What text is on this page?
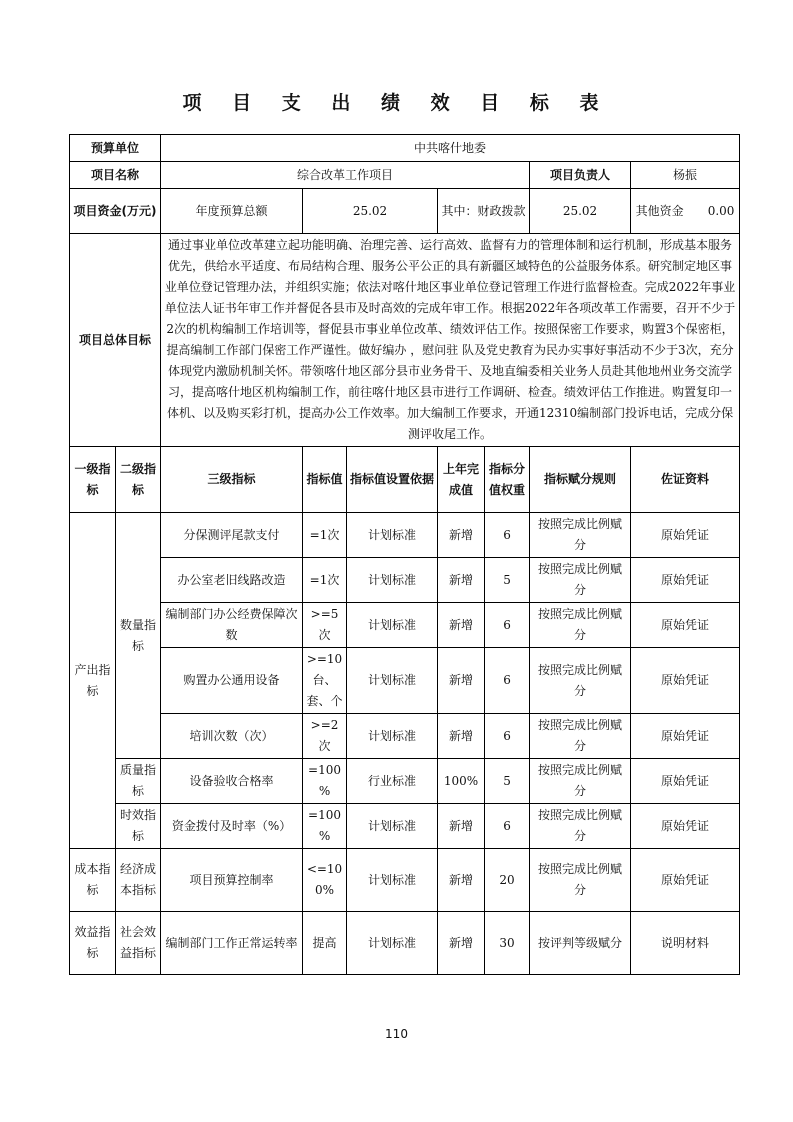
项 目 支 出 绩 效 目 标 表
预算单位		中共喀什地委						
项目名称		综合改革工作项目					项目负责人	杨振
项目资金(万元)		年度预算总额	25.02		其中：财政拨款		25.02	其他资金　　 0.00
项目总体目标		通过事业单位改革建立起功能明确、治理完善、运行高效、监督有力的管理体制和运行机制，形成基本服务优先，供给水平适度、布局结构合理、服务公平公正的具有新疆区域特色的公益服务体系。研究制定地区事业单位登记管理办法，并组织实施；依法对喀什地区事业单位登记管理工作进行监督检查。完成2022年事业单位法人证书年审工作并督促各县市及时高效的完成年审工作。根据2022年各项改革工作需要，召开不少于2次的机构编制工作培训等，督促县市事业单位改革、绩效评估工作。按照保密工作要求，购置3个保密柜，提高编制工作部门保密工作严谨性。做好编办 ，慰问驻 队及党史教育为民办实事好事活动不少于3次，充分体现党内激励机制关怀。带领喀什地区部分县市业务骨干、及地直编委相关业务人员赴其他地州业务交流学习，提高喀什地区机构编制工作，前往喀什地区县市进行工作调研、检查。绩效评估工作推进。购置复印一体机、以及购买彩打机，提高办公工作效率。加大编制工作要求，开通12310编制部门投诉电话，完成分保测评收尾工作。						
一级指标	二级指标	三级指标	指标值	指标值设置依据	上年完成值	指标分值权重	指标赋分规则	佐证资料
产出指标	数量指标	分保测评尾款支付	=1次	计划标准	新增	6	按照完成比例赋分	原始凭证
		办公室老旧线路改造	=1次	计划标准	新增	5	按照完成比例赋分	原始凭证
		编制部门办公经费保障次数	>=5次	计划标准	新增	6	按照完成比例赋分	原始凭证
		购置办公通用设备	>=10台、套、个	计划标准	新增	6	按照完成比例赋分	原始凭证
		培训次数（次）	>=2次	计划标准	新增	6	按照完成比例赋分	原始凭证
	质量指标	设备验收合格率	=100%	行业标准	100%	5	按照完成比例赋分	原始凭证
	时效指标	资金拨付及时率（%）	=100%	计划标准	新增	6	按照完成比例赋分	原始凭证
成本指标	经济成本指标	项目预算控制率	<=100%	计划标准	新增	20	按照完成比例赋分	原始凭证
效益指标	社会效益指标	编制部门工作正常运转率	提高	计划标准	新增	30	按评判等级赋分	说明材料
110
